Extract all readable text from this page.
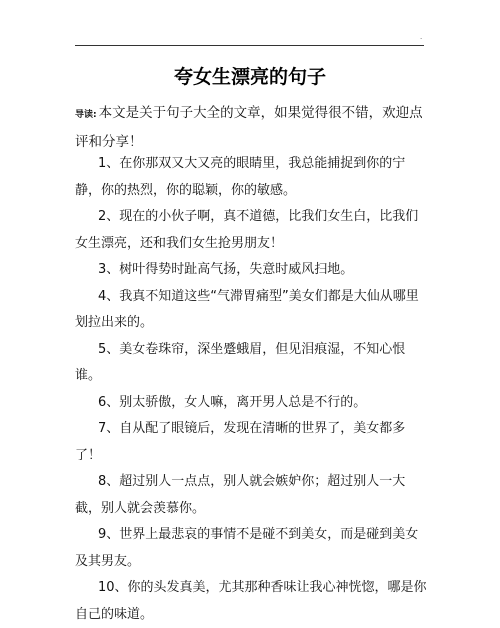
·
夸女生漂亮的句子
导读: 本文是关于句子大全的文章，如果觉得很不错，欢迎点评和分享！

1、在你那双又大又亮的眼睛里，我总能捕捉到你的宁静，你的热烈，你的聪颖，你的敏感。

2、现在的小伙子啊，真不道德，比我们女生白，比我们女生漂亮，还和我们女生抢男朋友！

3、树叶得势时趾高气扬，失意时威风扫地。

4、我真不知道这些“气滞胃痛型”美女们都是大仙从哪里划拉出来的。

5、美女卷珠帘，深坐蹙蛾眉，但见泪痕湿，不知心恨谁。

6、别太骄傲，女人嘛，离开男人总是不行的。

7、自从配了眼镜后，发现在清晰的世界了，美女都多了！

8、超过别人一点点，别人就会嫉妒你；超过别人一大截，别人就会羡慕你。

9、世界上最悲哀的事情不是碰不到美女，而是碰到美女及其男友。

10、你的头发真美，尤其那种香味让我心神恍惚，哪是你自己的味道。
